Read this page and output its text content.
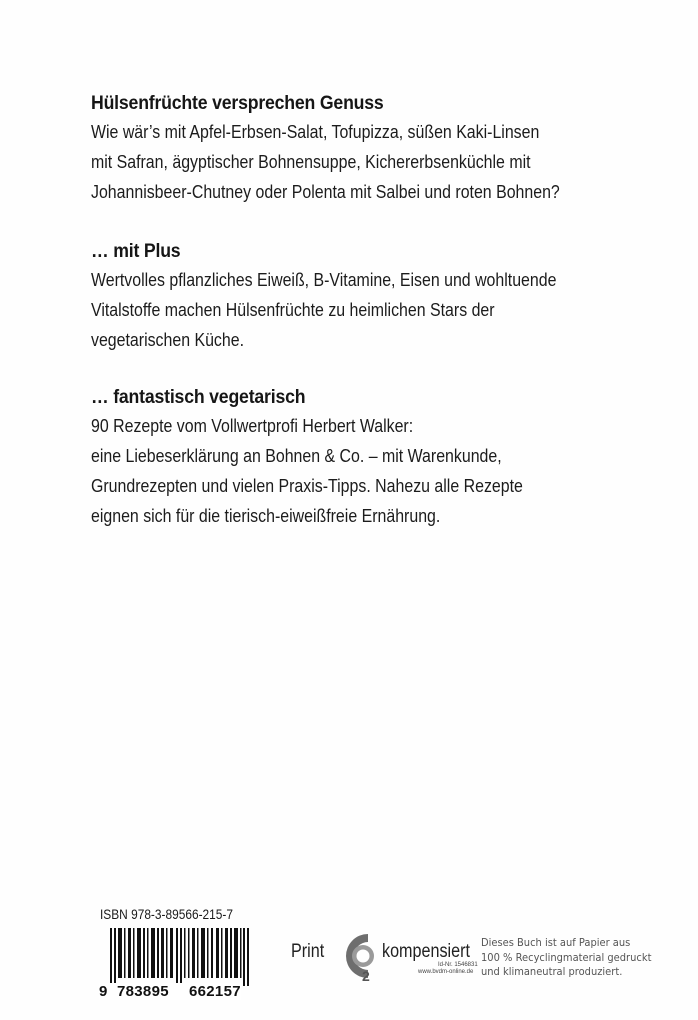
Hülsenfrüchte versprechen Genuss

Wie wär’s mit Apfel-Erbsen-Salat, Tofupizza, süßen Kaki-Linsen

mit Safran, ägyptischer Bohnensuppe, Kichererbsenküchle mit

Johannisbeer-Chutney oder Polenta mit Salbei und roten Bohnen?

… mit Plus

Wertvolles pflanzliches Eiweiß, B-Vitamine, Eisen und wohltuende

Vitalstoffe machen Hülsenfrüchte zu heimlichen Stars der

vegetarischen Küche.

… fantastisch vegetarisch

90 Rezepte vom Vollwertprofi Herbert Walker:

eine Liebeserklärung an Bohnen & Co. – mit Warenkunde,

Grundrezepten und vielen Praxis-Tipps. Nahezu alle Rezepte

eignen sich für die tierisch-eiweißfreie Ernährung.

ISBN 978-3-89566-215-7
9 783895 662157
Print
2
kompensiert
Id-Nr. 1546831
www.bvdm-online.de
Dieses Buch ist auf Papier aus
100 % Recyclingmaterial gedruckt
und klimaneutral produziert.
